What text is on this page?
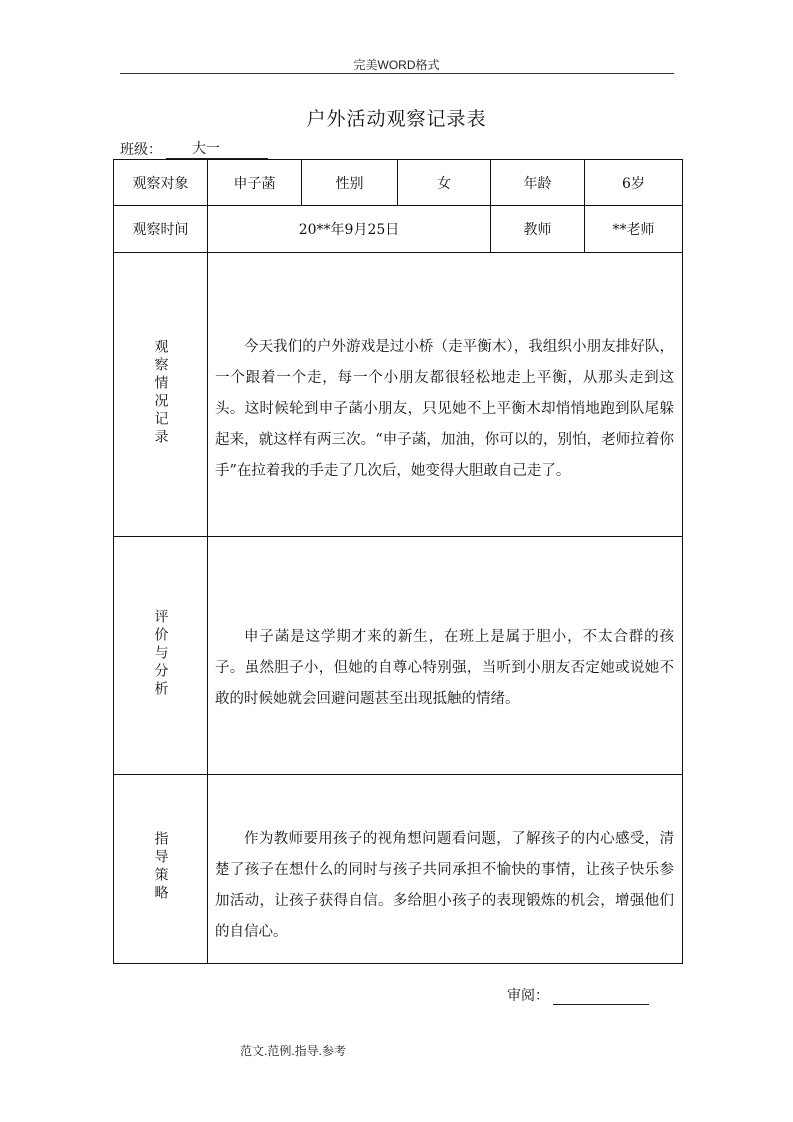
完美WORD格式
户外活动观察记录表
班级：	大一
观察对象	申子菡	性别	女	年龄	6岁
观察时间	20**年9月25日			教师	**老师
观察情况记录	今天我们的户外游戏是过小桥（走平衡木），我组织小朋友排好队，一个跟着一个走，每一个小朋友都很轻松地走上平衡，从那头走到这头。这时候轮到申子菡小朋友，只见她不上平衡木却悄悄地跑到队尾躲起来，就这样有两三次。“申子菡，加油，你可以的，别怕，老师拉着你手”在拉着我的手走了几次后，她变得大胆敢自己走了。				

评价与分析	申子菡是这学期才来的新生，在班上是属于胆小，不太合群的孩子。虽然胆子小，但她的自尊心特别强，当听到小朋友否定她或说她不敢的时候她就会回避问题甚至出现抵触的情绪。				

指导策略	作为教师要用孩子的视角想问题看问题，了解孩子的内心感受，清楚了孩子在想什么的同时与孩子共同承担不愉快的事情，让孩子快乐参加活动，让孩子获得自信。多给胆小孩子的表现锻炼的机会，增强他们的自信心。				

审阅：
范文.范例.指导.参考
